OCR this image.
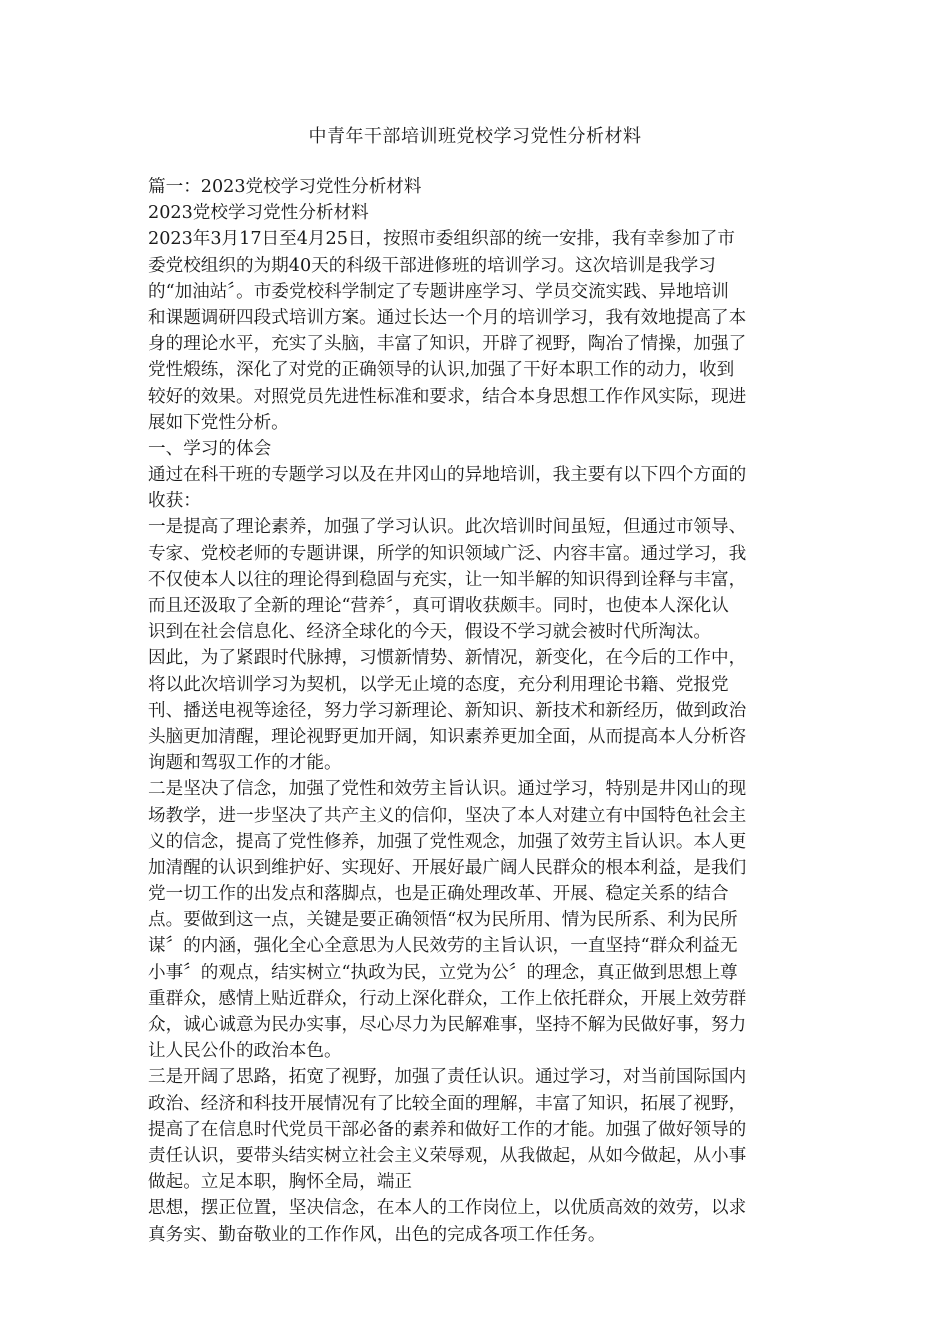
中青年干部培训班党校学习党性分析材料
篇一：2023党校学习党性分析材料
2023党校学习党性分析材料
2023年3月17日至4月25日，按照市委组织部的统一安排，我有幸参加了市
委党校组织的为期40天的科级干部进修班的培训学习。这次培训是我学习
的“加油站〞。市委党校科学制定了专题讲座学习、学员交流实践、异地培训
和课题调研四段式培训方案。通过长达一个月的培训学习，我有效地提高了本
身的理论水平，充实了头脑，丰富了知识，开辟了视野，陶冶了情操，加强了
党性煅练，深化了对党的正确领导的认识,加强了干好本职工作的动力，收到
较好的效果。对照党员先进性标准和要求，结合本身思想工作作风实际，现进
展如下党性分析。
一、学习的体会
通过在科干班的专题学习以及在井冈山的异地培训，我主要有以下四个方面的
收获：
一是提高了理论素养，加强了学习认识。此次培训时间虽短，但通过市领导、
专家、党校老师的专题讲课，所学的知识领域广泛、内容丰富。通过学习，我
不仅使本人以往的理论得到稳固与充实，让一知半解的知识得到诠释与丰富，
而且还汲取了全新的理论“营养〞，真可谓收获颇丰。同时，也使本人深化认
识到在社会信息化、经济全球化的今天，假设不学习就会被时代所淘汰。
因此，为了紧跟时代脉搏，习惯新情势、新情况，新变化，在今后的工作中，
将以此次培训学习为契机，以学无止境的态度，充分利用理论书籍、党报党
刊、播送电视等途径，努力学习新理论、新知识、新技术和新经历，做到政治
头脑更加清醒，理论视野更加开阔，知识素养更加全面，从而提高本人分析咨
询题和驾驭工作的才能。
二是坚决了信念，加强了党性和效劳主旨认识。通过学习，特别是井冈山的现
场教学，进一步坚决了共产主义的信仰，坚决了本人对建立有中国特色社会主
义的信念，提高了党性修养，加强了党性观念，加强了效劳主旨认识。本人更
加清醒的认识到维护好、实现好、开展好最广阔人民群众的根本利益，是我们
党一切工作的出发点和落脚点，也是正确处理改革、开展、稳定关系的结合
点。要做到这一点，关键是要正确领悟“权为民所用、情为民所系、利为民所
谋〞的内涵，强化全心全意思为人民效劳的主旨认识，一直坚持“群众利益无
小事〞的观点，结实树立“执政为民，立党为公〞的理念，真正做到思想上尊
重群众，感情上贴近群众，行动上深化群众，工作上依托群众，开展上效劳群
众，诚心诚意为民办实事，尽心尽力为民解难事，坚持不解为民做好事，努力
让人民公仆的政治本色。
三是开阔了思路，拓宽了视野，加强了责任认识。通过学习，对当前国际国内
政治、经济和科技开展情况有了比较全面的理解，丰富了知识，拓展了视野，
提高了在信息时代党员干部必备的素养和做好工作的才能。加强了做好领导的
责任认识，要带头结实树立社会主义荣辱观，从我做起，从如今做起，从小事
做起。立足本职，胸怀全局，端正
思想，摆正位置，坚决信念，在本人的工作岗位上，以优质高效的效劳，以求
真务实、勤奋敬业的工作作风，出色的完成各项工作任务。
